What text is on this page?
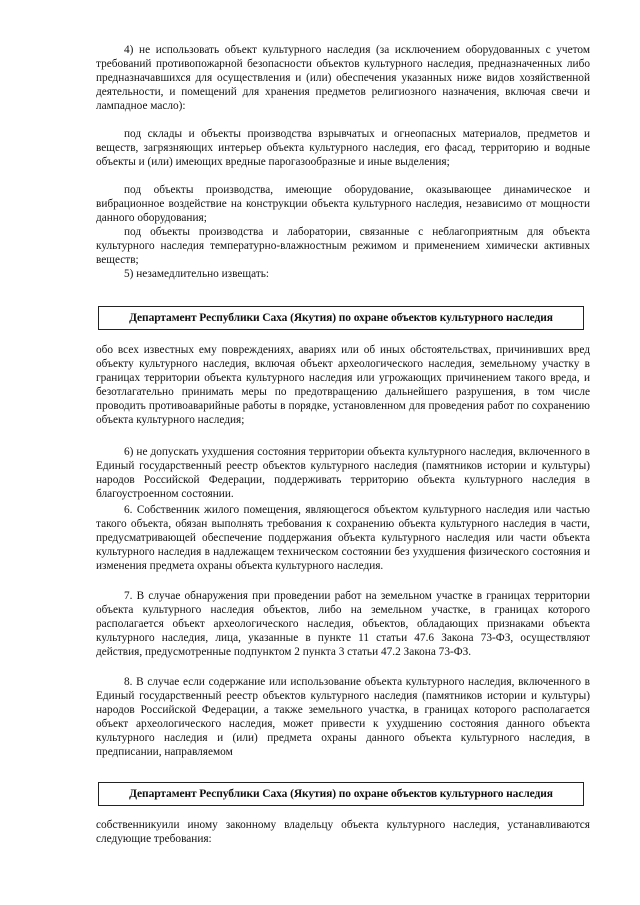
4) не использовать объект культурного наследия (за исключением оборудованных с учетом требований противопожарной безопасности объектов культурного наследия, предназначенных либо предназначавшихся для осуществления и (или) обеспечения указанных ниже видов хозяйственной деятельности, и помещений для хранения предметов религиозного назначения, включая свечи и лампадное масло):

под склады и объекты производства взрывчатых и огнеопасных материалов, предметов и веществ, загрязняющих интерьер объекта культурного наследия, его фасад, территорию и водные объекты и (или) имеющих вредные парогазообразные и иные выделения;

под объекты производства, имеющие оборудование, оказывающее динамическое и вибрационное воздействие на конструкции объекта культурного наследия, независимо от мощности данного оборудования;

под объекты производства и лаборатории, связанные с неблагоприятным для объекта культурного наследия температурно-влажностным режимом и применением химически активных веществ;

5) незамедлительно извещать:

Департамент Республики Саха (Якутия) по охране объектов культурного наследия

обо всех известных ему повреждениях, авариях или об иных обстоятельствах, причинивших вред объекту культурного наследия, включая объект археологического наследия, земельному участку в границах территории объекта культурного наследия или угрожающих причинением такого вреда, и безотлагательно принимать меры по предотвращению дальнейшего разрушения, в том числе проводить противоаварийные работы в порядке, установленном для проведения работ по сохранению объекта культурного наследия;

6) не допускать ухудшения состояния территории объекта культурного наследия, включенного в Единый государственный реестр объектов культурного наследия (памятников истории и культуры) народов Российской Федерации, поддерживать территорию объекта культурного наследия в благоустроенном состоянии.

6. Собственник жилого помещения, являющегося объектом культурного наследия или частью такого объекта, обязан выполнять требования к сохранению объекта культурного наследия в части, предусматривающей обеспечение поддержания объекта культурного наследия или части объекта культурного наследия в надлежащем техническом состоянии без ухудшения физического состояния и изменения предмета охраны объекта культурного наследия.

7. В случае обнаружения при проведении работ на земельном участке в границах территории объекта культурного наследия объектов, либо на земельном участке, в границах которого располагается объект археологического наследия, объектов, обладающих признаками объекта культурного наследия, лица, указанные в пункте 11 статьи 47.6 Закона 73-ФЗ, осуществляют действия, предусмотренные подпунктом 2 пункта 3 статьи 47.2 Закона 73-ФЗ.

8. В случае если содержание или использование объекта культурного наследия, включенного в Единый государственный реестр объектов культурного наследия (памятников истории и культуры) народов Российской Федерации, а также земельного участка, в границах которого располагается объект археологического наследия, может привести к ухудшению состояния данного объекта культурного наследия и (или) предмета охраны данного объекта культурного наследия, в предписании, направляемом

Департамент Республики Саха (Якутия) по охране объектов культурного наследия

собственникуили иному законному владельцу объекта культурного наследия, устанавливаются следующие требования:
